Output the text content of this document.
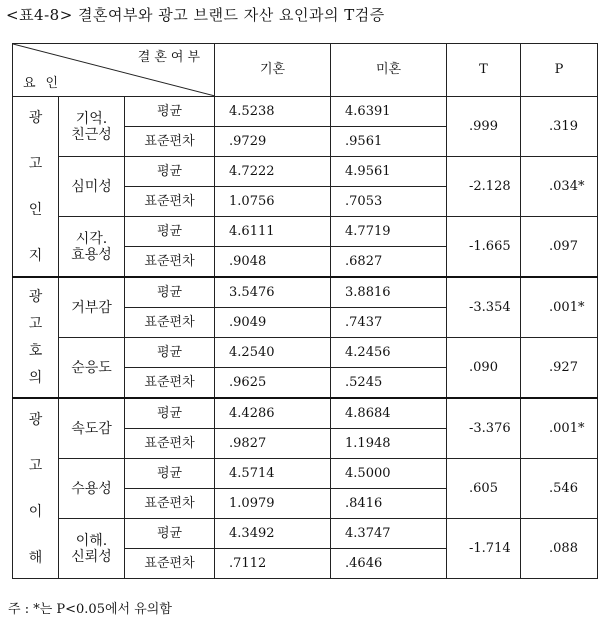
<표4-8> 결혼여부와 광고 브랜드 자산 요인과의 T검증
결혼여부
요인			기혼	미혼	T	P

광
고
인
지	기억.
친근성	평균	4.5238	4.6391	.999	.319
		표준편차	.9729	.9561		

	심미성	평균	4.7222	4.9561	-2.128	.034*
		표준편차	1.0756	.7053		

	시각.
효용성	평균	4.6111	4.7719	-1.665	.097
		표준편차	.9048	.6827		

광
고
호
의	거부감	평균	3.5476	3.8816	-3.354	.001*
		표준편차	.9049	.7437		

	순응도	평균	4.2540	4.2456	.090	.927
		표준편차	.9625	.5245		

광
고
이
해	속도감	평균	4.4286	4.8684	-3.376	.001*
		표준편차	.9827	1.1948		

	수용성	평균	4.5714	4.5000	.605	.546
		표준편차	1.0979	.8416		

	이해.
신뢰성	평균	4.3492	4.3747	-1.714	.088
		표준편차	.7112	.4646		
주 : *는 P<0.05에서 유의함
